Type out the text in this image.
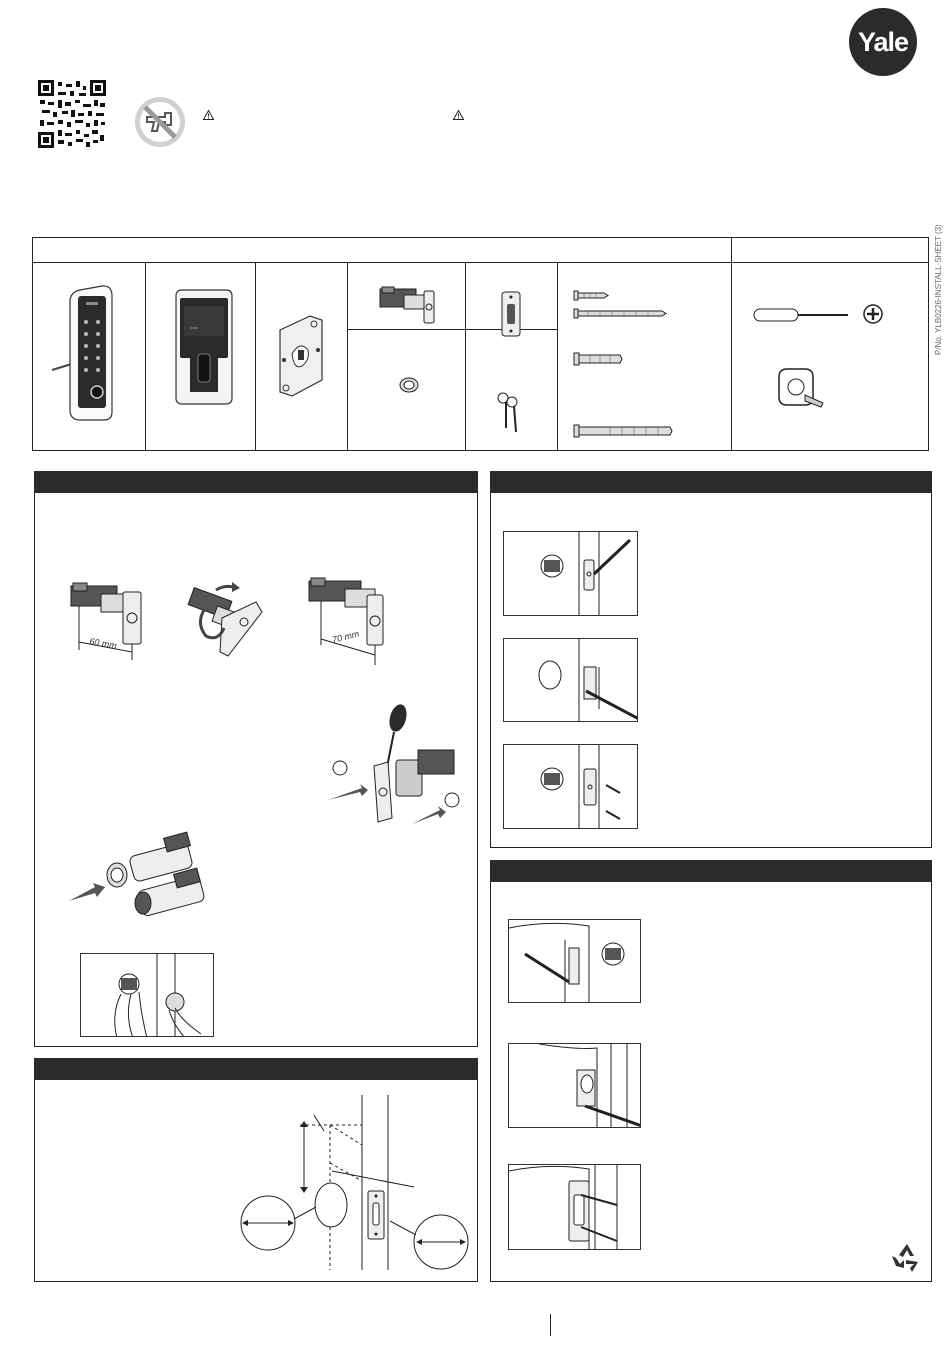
Yale
P/No. YLB0226-INSTALL-SHEET (3)
60 mm	70 mm
